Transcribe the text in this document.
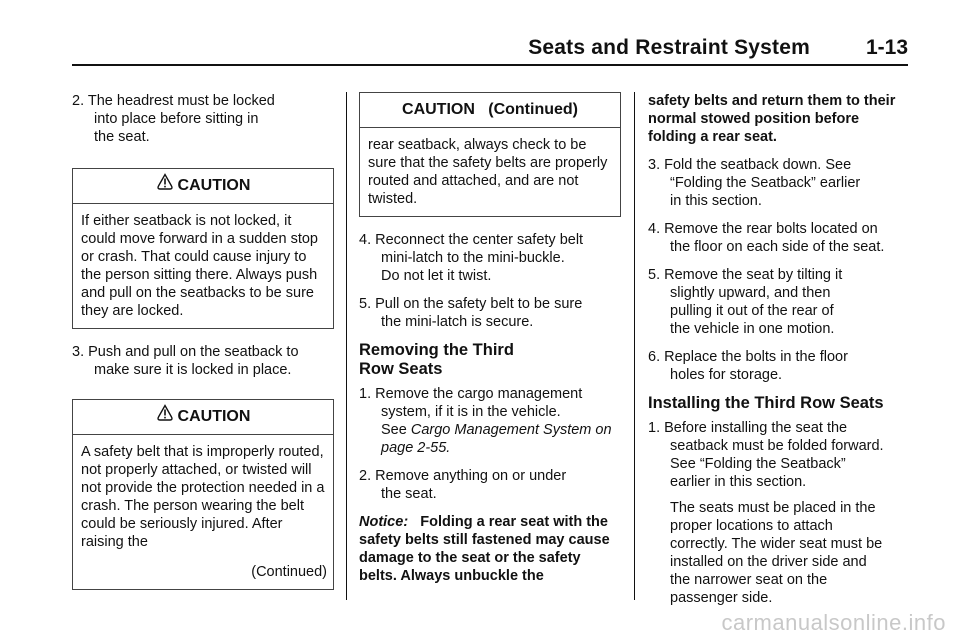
Seats and Restraint System	1-13

2. The headrest must be locked
into place before sitting in
the seat.

CAUTION
If either seatback is not locked, it could move forward in a sudden stop or crash. That could cause injury to the person sitting there. Always push and pull on the seatbacks to be sure they are locked.

3. Push and pull on the seatback to
make sure it is locked in place.

CAUTION
A safety belt that is improperly routed, not properly attached, or twisted will not provide the protection needed in a crash. The person wearing the belt could be seriously injured. After raising the
(Continued)
CAUTION   (Continued)
rear seatback, always check to be sure that the safety belts are properly routed and attached, and are not twisted.

4. Reconnect the center safety belt
mini-latch to the mini-buckle.
Do not let it twist.

5. Pull on the safety belt to be sure
the mini-latch is secure.

Removing the Third
Row Seats

1. Remove the cargo management
system, if it is in the vehicle.
See Cargo Management System on page 2-55.

2. Remove anything on or under
the seat.

Notice: Folding a rear seat with the safety belts still fastened may cause damage to the seat or the safety belts. Always unbuckle the

safety belts and return them to their normal stowed position before folding a rear seat.

3. Fold the seatback down. See
“Folding the Seatback” earlier
in this section.

4. Remove the rear bolts located on
the floor on each side of the seat.

5. Remove the seat by tilting it
slightly upward, and then
pulling it out of the rear of
the vehicle in one motion.

6. Replace the bolts in the floor
holes for storage.

Installing the Third Row Seats

1. Before installing the seat the
seatback must be folded forward.
See “Folding the Seatback”
earlier in this section.

The seats must be placed in the
proper locations to attach
correctly. The wider seat must be
installed on the driver side and
the narrower seat on the
passenger side.

carmanualsonline.info
